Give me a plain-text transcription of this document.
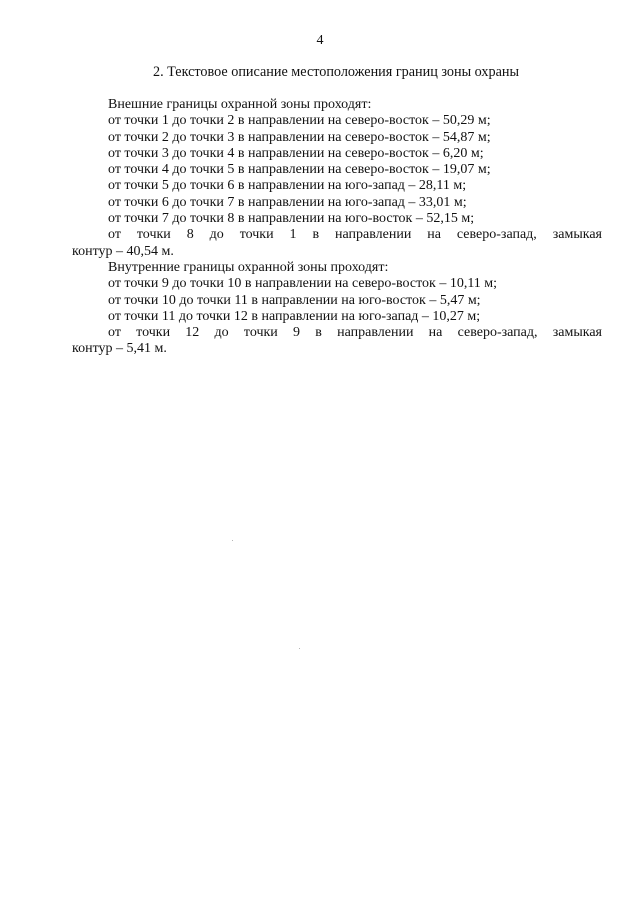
4
2. Текстовое описание местоположения границ зоны охраны
Внешние границы охранной зоны проходят:
от точки 1 до точки 2 в направлении на северо-восток – 50,29 м;
от точки 2 до точки 3 в направлении на северо-восток – 54,87 м;
от точки 3 до точки 4 в направлении на северо-восток – 6,20 м;
от точки 4 до точки 5 в направлении на северо-восток – 19,07 м;
от точки 5 до точки 6 в направлении на юго-запад – 28,11 м;
от точки 6 до точки 7 в направлении на юго-запад – 33,01 м;
от точки 7 до точки 8 в направлении на юго-восток – 52,15 м;
от точки 8 до точки 1 в направлении на северо-запад, замыкая
контур – 40,54 м.
Внутренние границы охранной зоны проходят:
от точки 9 до точки 10 в направлении на северо-восток – 10,11 м;
от точки 10 до точки 11 в направлении на юго-восток – 5,47 м;
от точки 11 до точки 12 в направлении на юго-запад – 10,27 м;
от точки 12 до точки 9 в направлении на северо-запад, замыкая
контур – 5,41 м.
